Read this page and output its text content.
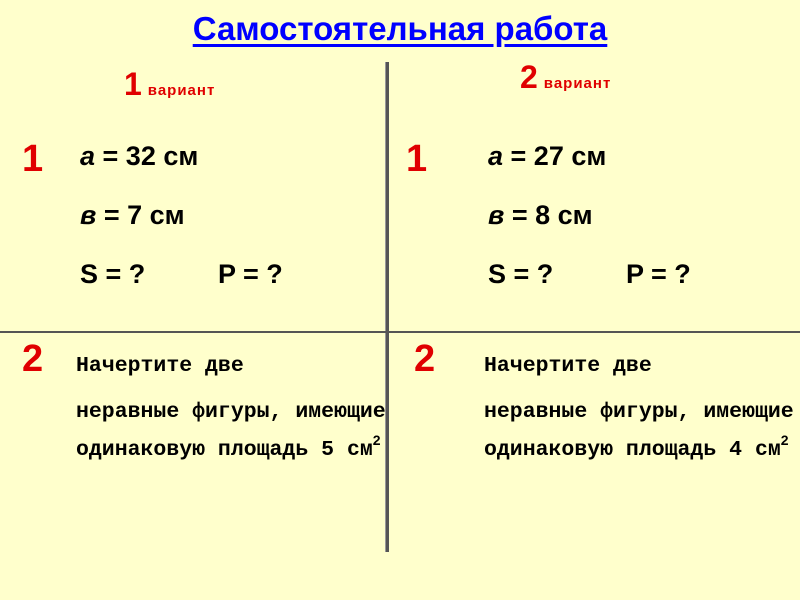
Самостоятельная работа
1 вариант
1 а = 32 см
в = 7 см
S = ?	P = ?
2 Начертите две
неравные фигуры, имеющие одинаковую площадь 5 $см^2$
2 вариант
1 а = 27 см
в = 8 см
S = ?	P = ?
2 Начертите две
неравные фигуры, имеющие одинаковую площадь 4 $см^2$
